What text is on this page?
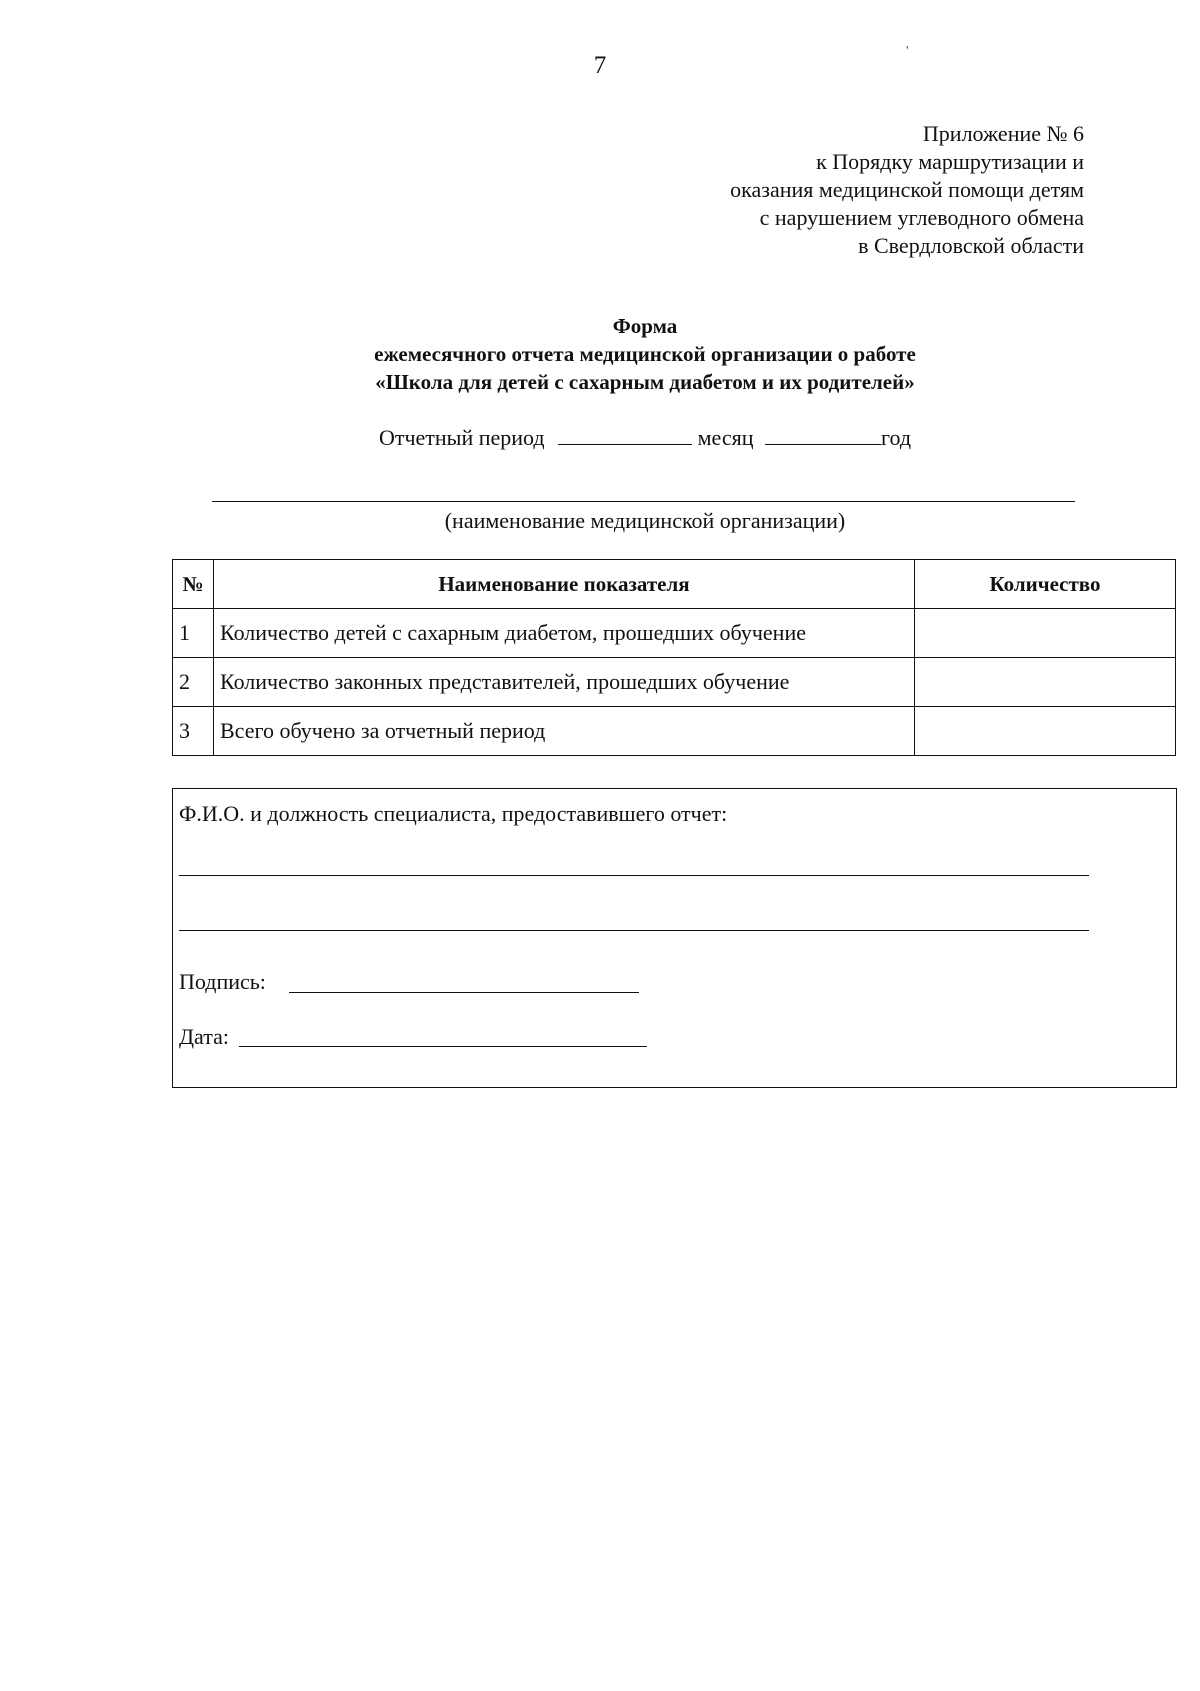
7
'
Приложение № 6
к Порядку маршрутизации и
оказания медицинской помощи детям
с нарушением углеводного обмена
в Свердловской области
Форма
ежемесячного отчета медицинской организации о работе
«Школа для детей с сахарным диабетом и их родителей»
Отчетный период	месяц	год
(наименование медицинской организации)
№	Наименование показателя	Количество
1	Количество детей с сахарным диабетом, прошедших обучение	
2	Количество законных представителей, прошедших обучение	
3	Всего обучено за отчетный период	
Ф.И.О. и должность специалиста, предоставившего отчет:
Подпись:
Дата:
